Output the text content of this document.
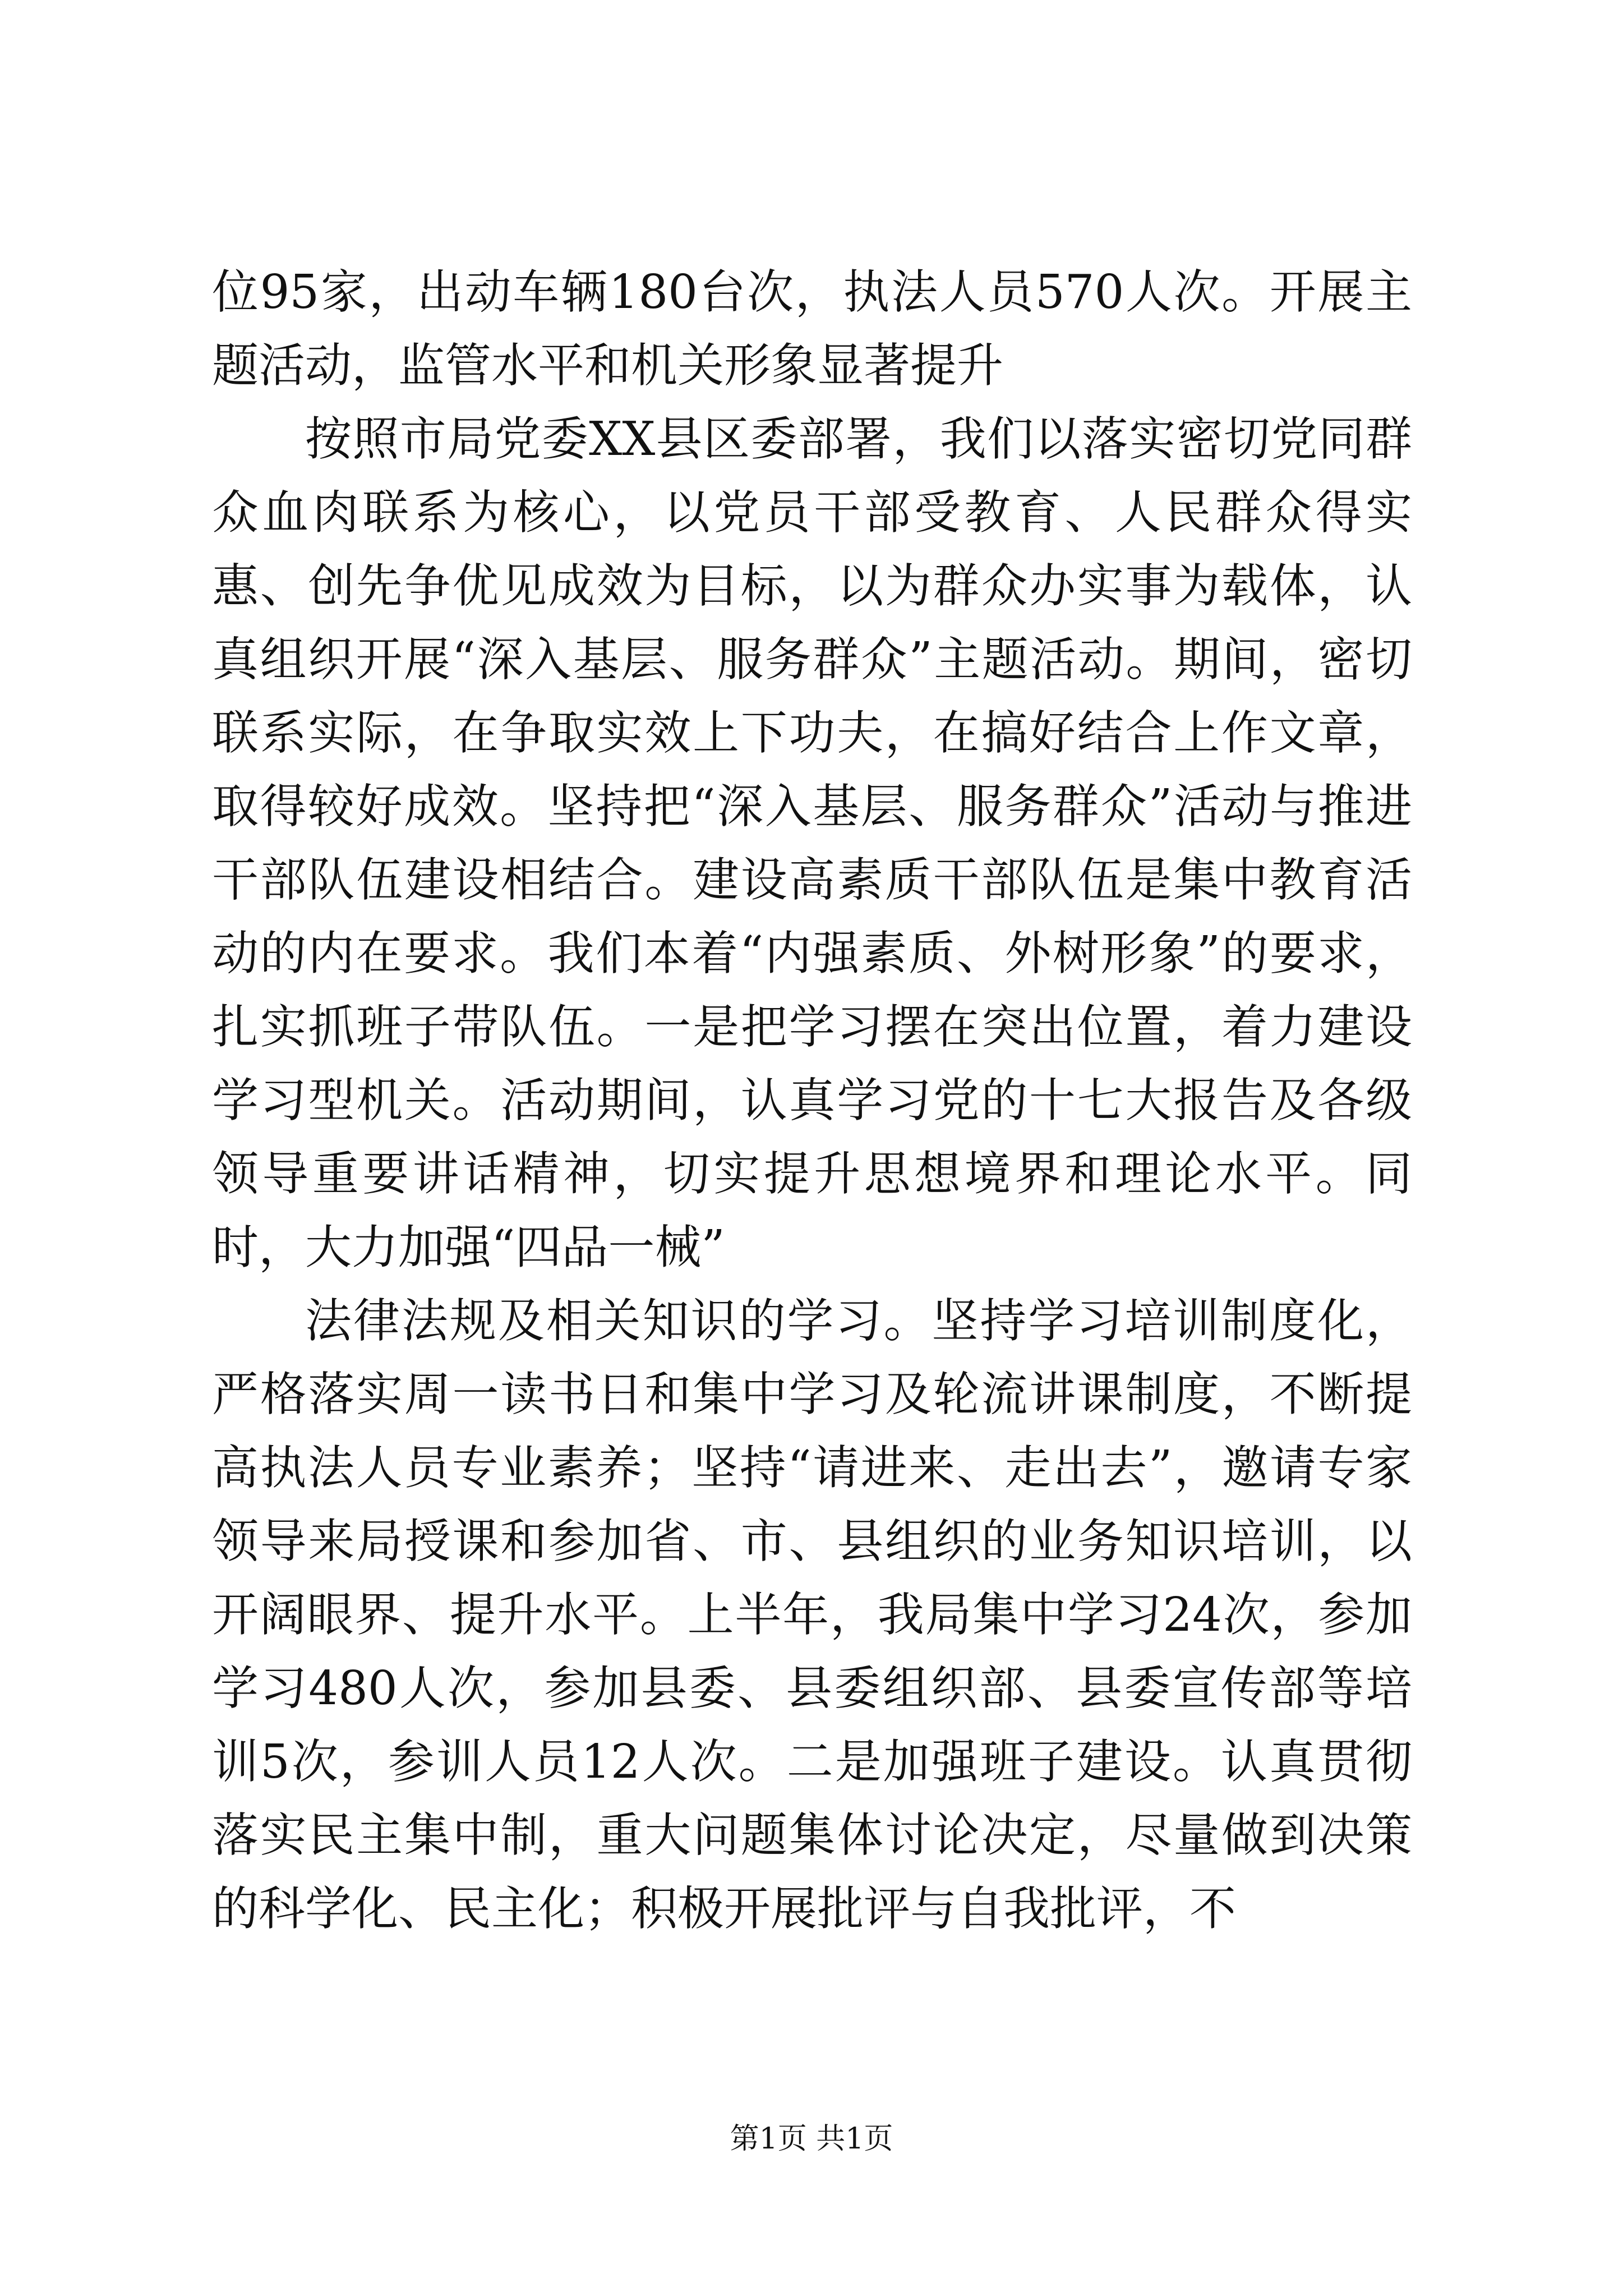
位95家，出动车辆180台次，执法人员570人次。开展主题活动，监管水平和机关形象显著提升

按照市局党委XX县区委部署，我们以落实密切党同群众血肉联系为核心，以党员干部受教育、人民群众得实惠、创先争优见成效为目标，以为群众办实事为载体，认真组织开展“深入基层、服务群众”主题活动。期间，密切联系实际，在争取实效上下功夫，在搞好结合上作文章，取得较好成效。坚持把“深入基层、服务群众”活动与推进干部队伍建设相结合。建设高素质干部队伍是集中教育活动的内在要求。我们本着“内强素质、外树形象”的要求，扎实抓班子带队伍。一是把学习摆在突出位置，着力建设学习型机关。活动期间，认真学习党的十七大报告及各级领导重要讲话精神，切实提升思想境界和理论水平。同时，大力加强“四品一械”

法律法规及相关知识的学习。坚持学习培训制度化，严格落实周一读书日和集中学习及轮流讲课制度，不断提高执法人员专业素养；坚持“请进来、走出去”，邀请专家领导来局授课和参加省、市、县组织的业务知识培训，以开阔眼界、提升水平。上半年，我局集中学习24次，参加学习480人次，参加县委、县委组织部、县委宣传部等培训5次，参训人员12人次。二是加强班子建设。认真贯彻落实民主集中制，重大问题集体讨论决定，尽量做到决策的科学化、民主化；积极开展批评与自我批评，不

第1页 共1页
